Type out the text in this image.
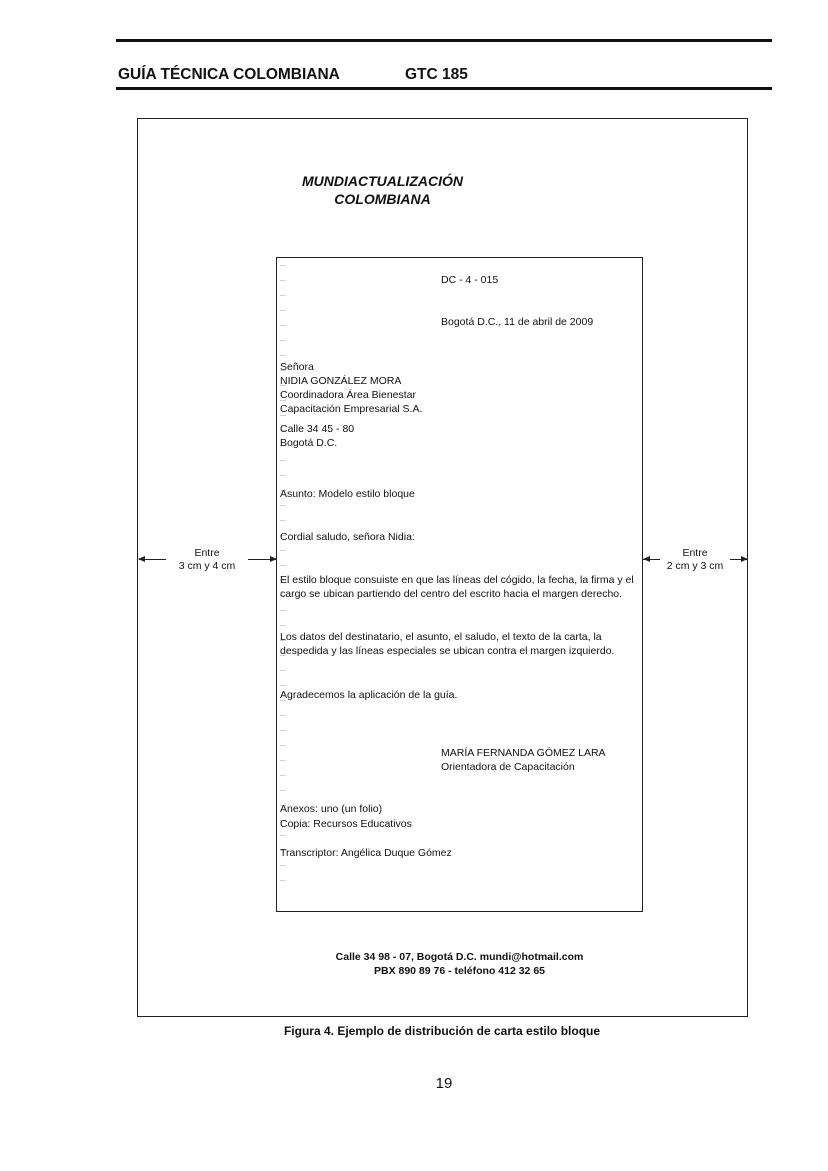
GUÍA TÉCNICA COLOMBIANA	GTC 185
MUNDIACTUALIZACIÓN
COLOMBIANA
DC - 4 - 015
Bogotá D.C., 11 de abril de 2009
Señora
NIDIA GONZÁLEZ MORA
Coordinadora Área Bienestar
Capacitación Empresarial S.A.
Calle 34 45 - 80
Bogotá D.C.
Asunto: Modelo estilo bloque
Cordial saludo, señora Nidia:
El estilo bloque consuiste en que las líneas del cógido, la fecha, la firma y el cargo se ubican partiendo del centro del escrito hacia el margen derecho.
Los datos del destinatario, el asunto, el saludo, el texto de la carta, la despedida y las líneas especiales se ubican contra el margen izquierdo.
Agradecemos la aplicación de la guía.
MARÍA FERNANDA GÓMEZ LARA
Orientadora de Capacitación
Anexos: uno (un folio)
Copia: Recursos Educativos
Transcriptor: Angélica Duque Gómez
Entre
3 cm y 4 cm
Entre
2 cm y 3 cm
Calle 34 98 - 07, Bogotá D.C. mundi@hotmail.com
PBX 890 89 76 - teléfono 412 32 65
Figura 4. Ejemplo de distribución de carta estilo bloque
19
